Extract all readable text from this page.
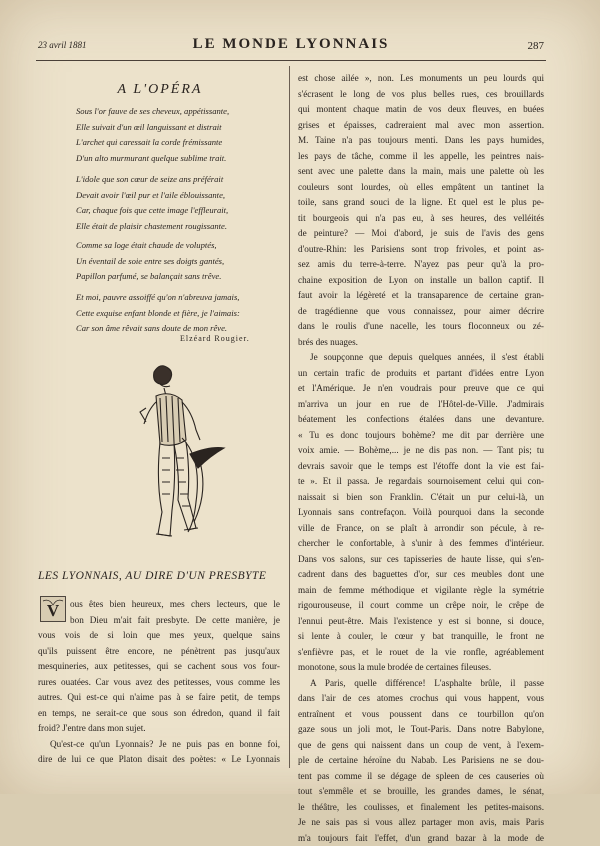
23 avril 1881	LE MONDE LYONNAIS	287
A L'OPÉRA
Sous l'or fauve de ses cheveux, appétissante,
Elle suivait d'un œil languissant et distrait
L'archet qui caressait la corde frémissante
D'un alto murmurant quelque sublime trait.
L'idole que son cœur de seize ans préférait
Devait avoir l'œil pur et l'aile éblouissante,
Car, chaque fois que cette image l'effleurait,
Elle était de plaisir chastement rougissante.
Comme sa loge était chaude de voluptés,
Un éventail de soie entre ses doigts gantés,
Papillon parfumé, se balançait sans trêve.
Et moi, pauvre assoiffé qu'on n'abreuva jamais,
Cette exquise enfant blonde et fière, je l'aimais:
Car son âme rêvait sans doute de mon rêve.
Elzéard Rougier.
LES LYONNAIS, AU DIRE D'UN PRESBYTE
V ous êtes bien heureux, mes chers lecteurs, que le
bon Dieu m'ait fait presbyte. De cette manière, je
vous vois de si loin que mes yeux, quelque sains
qu'ils puissent être encore, ne pénètrent pas jusqu'aux
mesquineries, aux petitesses, qui se cachent sous vos four-
rures ouatées. Car vous avez des petitesses, vous comme les
autres. Qui est-ce qui n'aime pas à se faire petit, de temps
en temps, ne serait-ce que sous son édredon, quand il fait
froid? J'entre dans mon sujet.
Qu'est-ce qu'un Lyonnais? Je ne puis pas en bonne foi,
dire de lui ce que Platon disait des poètes: « Le Lyonnais
est chose ailée », non. Les monuments un peu lourds qui
s'écrasent le long de vos plus belles rues, ces brouillards
qui montent chaque matin de vos deux fleuves, en buées
grises et épaisses, cadreraient mal avec mon assertion.
M. Taine n'a pas toujours menti. Dans les pays humides,
les pays de tâche, comme il les appelle, les peintres nais-
sent avec une palette dans la main, mais une palette où les
couleurs sont lourdes, où elles empâtent un tantinet la
toile, sans grand souci de la ligne. Et quel est le plus pe-
tit bourgeois qui n'a pas eu, à ses heures, des velléités
de peinture? — Moi d'abord, je suis de l'avis des gens
d'outre-Rhin: les Parisiens sont trop frivoles, et point as-
sez amis du terre-à-terre. N'ayez pas peur qu'à la pro-
chaine exposition de Lyon on installe un ballon captif. Il
faut avoir la légèreté et la transaparence de certaine gran-
de tragédienne que vous connaissez, pour aimer décrire
dans le roulis d'une nacelle, les tours floconneux ou zé-
brés des nuages.
Je soupçonne que depuis quelques années, il s'est établi
un certain trafic de produits et partant d'idées entre Lyon
et l'Amérique. Je n'en voudrais pour preuve que ce qui
m'arriva un jour en rue de l'Hôtel-de-Ville. J'admirais
béatement les confections étalées dans une devanture.
« Tu es donc toujours bohème? me dit par derrière une
voix amie. — Bohème,... je ne dis pas non. — Tant pis; tu
devrais savoir que le temps est l'étoffe dont la vie est fai-
te ». Et il passa. Je regardais sournoisement celui qui con-
naissait si bien son Franklin. C'était un pur celui-là, un
Lyonnais sans contrefaçon. Voilà pourquoi dans la seconde
ville de France, on se plaît à arrondir son pécule, à re-
chercher le confortable, à s'unir à des femmes d'intérieur.
Dans vos salons, sur ces tapisseries de haute lisse, qui s'en-
cadrent dans des baguettes d'or, sur ces meubles dont une
main de femme méthodique et vigilante règle la symétrie
rigourouseuse, il court comme un crêpe noir, le crêpe de
l'ennui peut-être. Mais l'existence y est si bonne, si douce,
si lente à couler, le cœur y bat tranquille, le front ne
s'enfièvre pas, et le rouet de la vie ronfle, agréablement
monotone, sous la mule brodée de certaines fileuses.
A Paris, quelle différence! L'asphalte brûle, il passe
dans l'air de ces atomes crochus qui vous happent, vous
entraînent et vous poussent dans ce tourbillon qu'on
gaze sous un joli mot, le Tout-Paris. Dans notre Babylone,
que de gens qui naissent dans un coup de vent, à l'exem-
ple de certaine héroïne du Nabab. Les Parisiens ne se dou-
tent pas comme il se dégage de spleen de ces causeries où
tout s'emmêle et se brouille, les grandes dames, le sénat,
le théâtre, les coulisses, et finalement les petites-maisons.
Je ne sais pas si vous allez partager mon avis, mais Paris
m'a toujours fait l'effet, d'un grand bazar à la mode de
